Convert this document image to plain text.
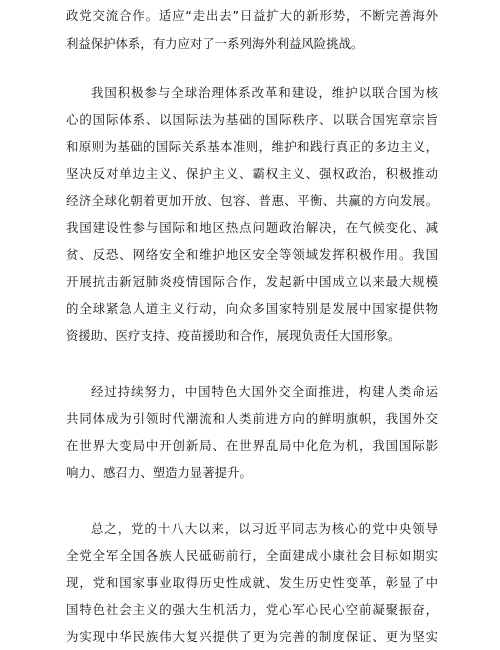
政党交流合作。适应“走出去”日益扩大的新形势，不断完善海外
利益保护体系，有力应对了一系列海外利益风险挑战。
我国积极参与全球治理体系改革和建设，维护以联合国为核
心的国际体系、以国际法为基础的国际秩序、以联合国宪章宗旨
和原则为基础的国际关系基本准则，维护和践行真正的多边主义，
坚决反对单边主义、保护主义、霸权主义、强权政治，积极推动
经济全球化朝着更加开放、包容、普惠、平衡、共赢的方向发展。
我国建设性参与国际和地区热点问题政治解决，在气候变化、减
贫、反恐、网络安全和维护地区安全等领域发挥积极作用。我国
开展抗击新冠肺炎疫情国际合作，发起新中国成立以来最大规模
的全球紧急人道主义行动，向众多国家特别是发展中国家提供物
资援助、医疗支持、疫苗援助和合作，展现负责任大国形象。
经过持续努力，中国特色大国外交全面推进，构建人类命运
共同体成为引领时代潮流和人类前进方向的鲜明旗帜，我国外交
在世界大变局中开创新局、在世界乱局中化危为机，我国国际影
响力、感召力、塑造力显著提升。
总之，党的十八大以来，以习近平同志为核心的党中央领导
全党全军全国各族人民砥砺前行，全面建成小康社会目标如期实
现，党和国家事业取得历史性成就、发生历史性变革，彰显了中
国特色社会主义的强大生机活力，党心军心民心空前凝聚振奋，
为实现中华民族伟大复兴提供了更为完善的制度保证、更为坚实
